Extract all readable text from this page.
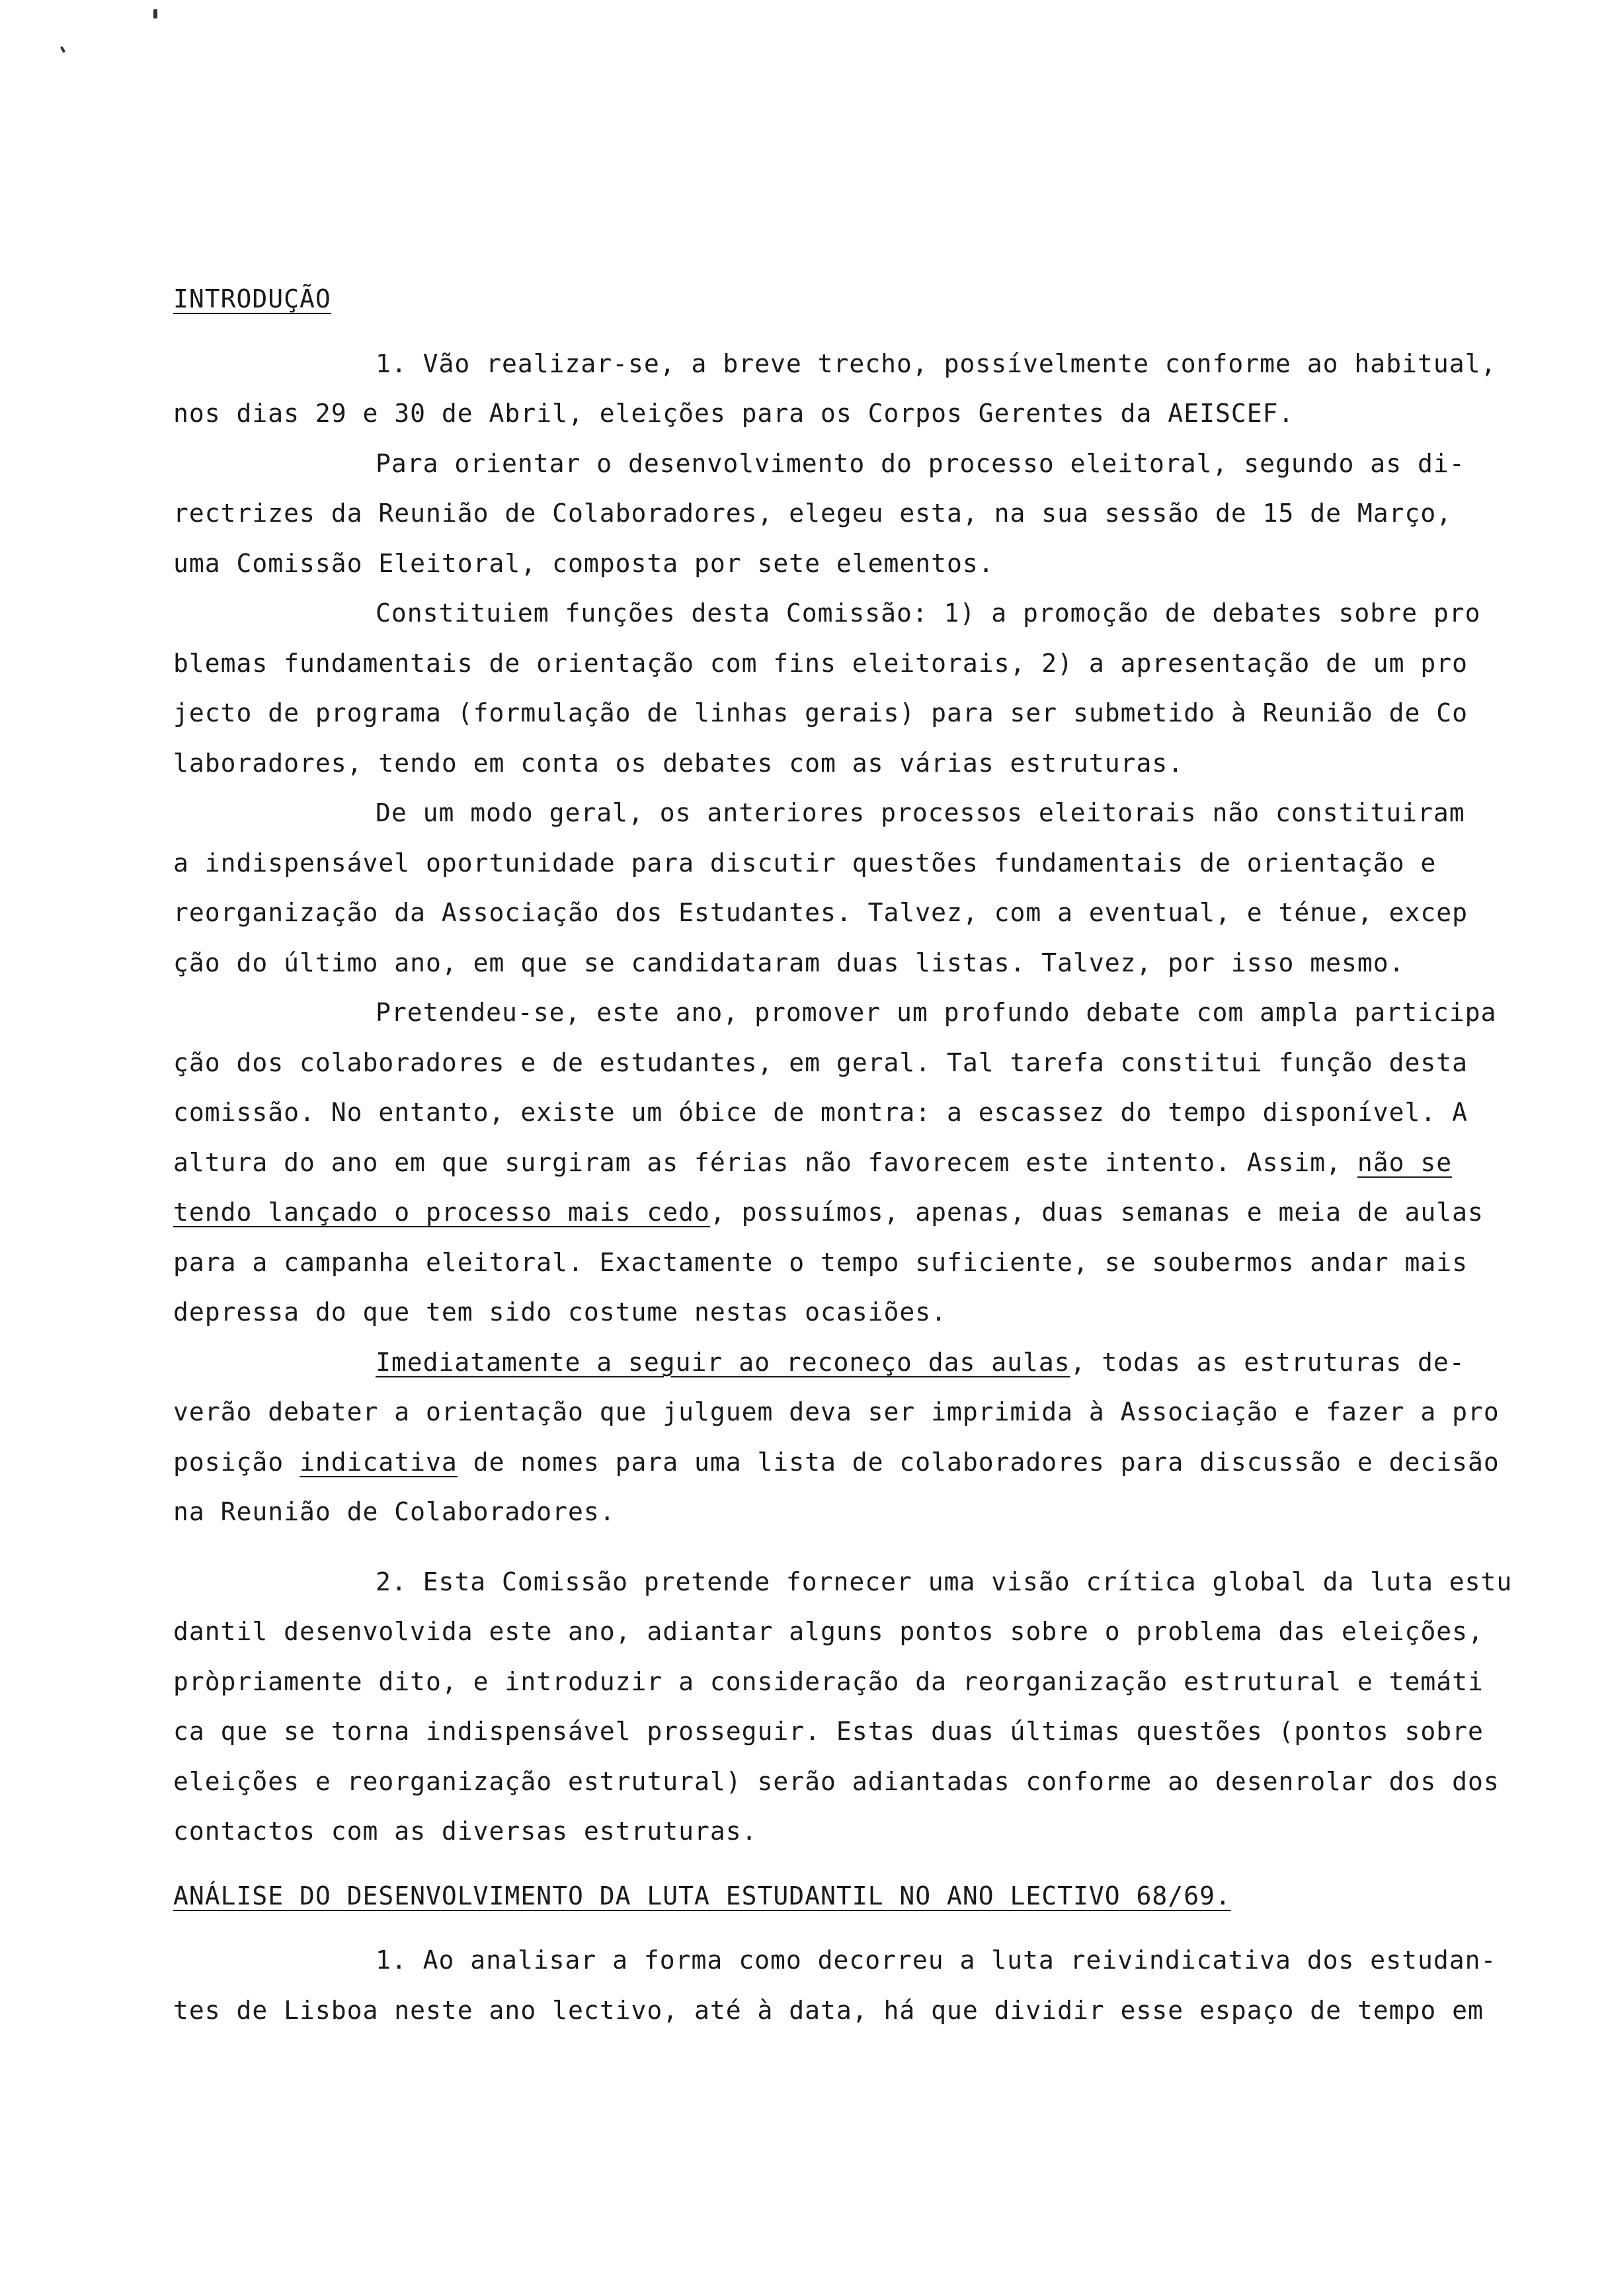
INTRODUÇÃO
1. Vão realizar-se, a breve trecho, possívelmente conforme ao habitual,
nos dias 29 e 30 de Abril, eleições para os Corpos Gerentes da AEISCEF.
Para orientar o desenvolvimento do processo eleitoral, segundo as di-
rectrizes da Reunião de Colaboradores, elegeu esta, na sua sessão de 15 de Março,
uma Comissão Eleitoral, composta por sete elementos.
Constituiem funções desta Comissão: 1) a promoção de debates sobre pro
blemas fundamentais de orientação com fins eleitorais, 2) a apresentação de um pro
jecto de programa (formulação de linhas gerais) para ser submetido à Reunião de Co
laboradores, tendo em conta os debates com as várias estruturas.
De um modo geral, os anteriores processos eleitorais não constituiram
a indispensável oportunidade para discutir questões fundamentais de orientação e
reorganização da Associação dos Estudantes. Talvez, com a eventual, e ténue, excep
ção do último ano, em que se candidataram duas listas. Talvez, por isso mesmo.
Pretendeu-se, este ano, promover um profundo debate com ampla participa
ção dos colaboradores e de estudantes, em geral. Tal tarefa constitui função desta
comissão. No entanto, existe um óbice de montra: a escassez do tempo disponível. A
altura do ano em que surgiram as férias não favorecem este intento. Assim, não se
tendo lançado o processo mais cedo, possuímos, apenas, duas semanas e meia de aulas
para a campanha eleitoral. Exactamente o tempo suficiente, se soubermos andar mais
depressa do que tem sido costume nestas ocasiões.
Imediatamente a seguir ao reconeço das aulas, todas as estruturas de-
verão debater a orientação que julguem deva ser imprimida à Associação e fazer a pro
posição indicativa de nomes para uma lista de colaboradores para discussão e decisão
na Reunião de Colaboradores.
2. Esta Comissão pretende fornecer uma visão crítica global da luta estu
dantil desenvolvida este ano, adiantar alguns pontos sobre o problema das eleições,
pròpriamente dito, e introduzir a consideração da reorganização estrutural e temáti
ca que se torna indispensável prosseguir. Estas duas últimas questões (pontos sobre
eleições e reorganização estrutural) serão adiantadas conforme ao desenrolar dos dos
contactos com as diversas estruturas.
ANÁLISE DO DESENVOLVIMENTO DA LUTA ESTUDANTIL NO ANO LECTIVO 68/69.
1. Ao analisar a forma como decorreu a luta reivindicativa dos estudan-
tes de Lisboa neste ano lectivo, até à data, há que dividir esse espaço de tempo em
